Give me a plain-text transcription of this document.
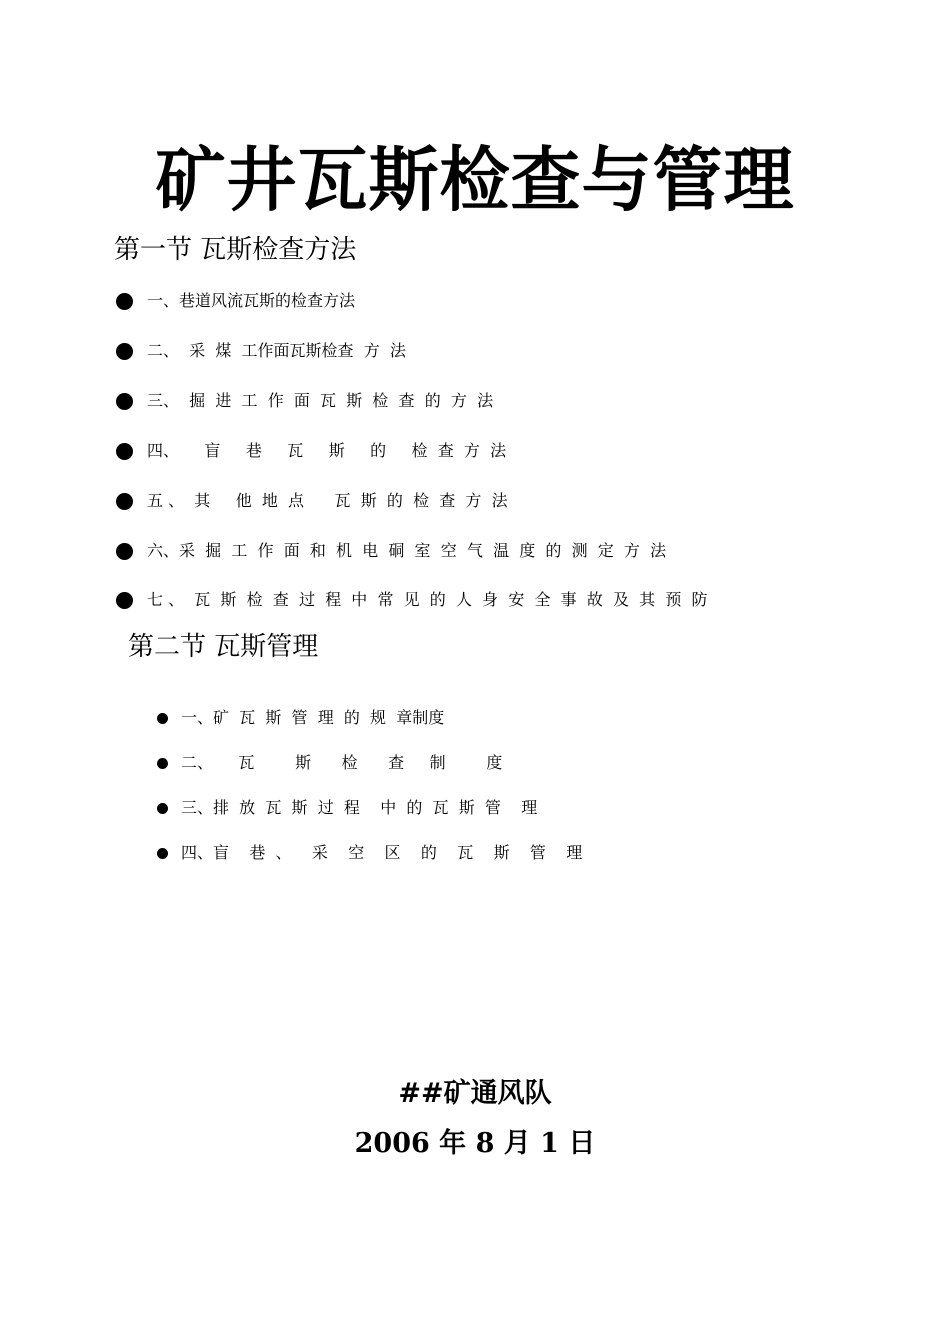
矿井瓦斯检查与管理
第一节 瓦斯检查方法
一、巷道风流瓦斯的检查方法
二、  采  煤  工作面瓦斯检查  方  法
三、  掘  进  工  作  面  瓦  斯  检  查  的  方  法
四、     盲     巷     瓦     斯     的     检  查  方  法
五 、  其     他  地  点      瓦  斯  的  检  查  方  法
六、采  掘  工  作  面  和  机  电  硐  室  空  气  温  度  的  测  定  方  法
七 、  瓦  斯  检  查  过  程  中  常  见  的  人  身  安  全  事  故  及  其  预  防
第二节 瓦斯管理
一、矿  瓦  斯  管  理  的  规  章制度
二、     瓦        斯      检      查     制        度
三、排  放  瓦  斯  过  程    中  的  瓦  斯  管    理
四、盲    巷  、    采    空    区    的    瓦    斯    管    理
##矿通风队
2006 年 8 月 1 日
